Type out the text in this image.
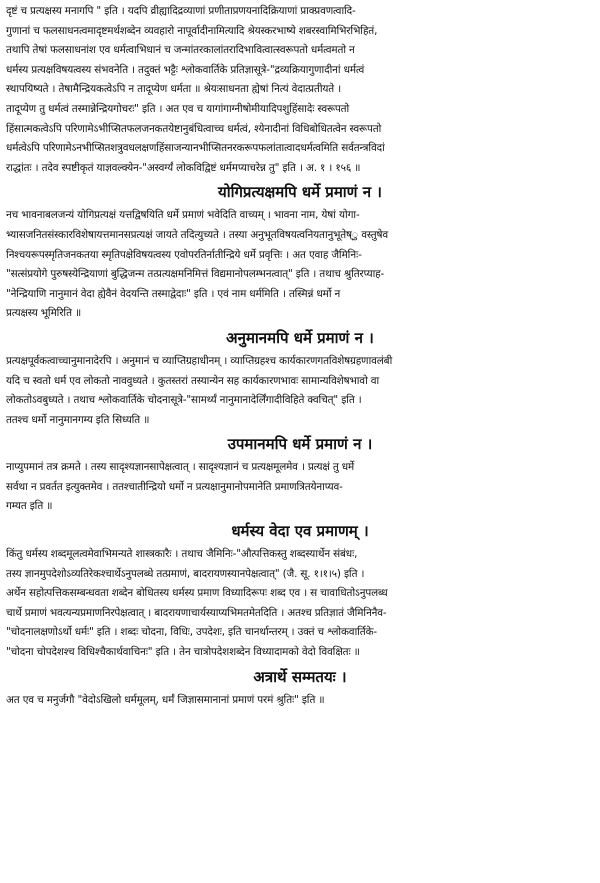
दृष्टं च प्रत्यक्षस्य मनागपि " इति । यदपि व्रीह्यादिद्रव्याणां प्रणीताप्रणयनादिक्रियाणां प्राक्प्रवणत्वादि-
गुणानां च फलसाधनत्वमादृष्टमर्थशब्देन व्यवहारो नापूर्वादीनामित्यादि श्रेयस्करभाष्ये शबरस्वामिभिरभिहितं,
तथापि तेषां फलसाधनांश एव धर्मत्वाभिधानं च जन्मांतरकालांतरादिभावित्वात्स्वरूपतो धर्मत्वमतो न
धर्मस्य प्रत्यक्षविषयत्वस्य संभवनेति । तदुक्तं भट्टैः श्लोकवार्तिके प्रतिज्ञासूत्रे-"द्रव्यक्रियागुणादीनां धर्मत्वं
स्थापयिष्यते । तेषामैन्द्रियकत्वेऽपि न तादूप्येण धर्मता ॥ श्रेयःसाधनता ह्येषां नित्यं वेदात्प्रतीयते ।
तादूप्येण तु धर्मत्वं तस्मान्नेन्द्रियगोचरः" इति । अत एव च यागांगाग्नीषोमीयादिपशुहिंसादेः स्वरूपतो
हिंसात्मकत्वेऽपि परिणामेऽभीप्सितफलजनकतयेष्टानुबंधित्वाच्च धर्मत्वं, श्येनादीनां विधिबोधितत्वेन स्वरूपतो
धर्मत्वेऽपि परिणामेऽनभीप्सितशत्रुवधलक्षणहिंसाजन्यानभीप्सितनरकरूपफलांतात्वादधर्मत्वमिति सर्वतन्त्रविदां
राद्धांतः । तदेव स्पष्टीकृतं याज्ञवल्क्येन-"अस्वर्ग्यं लोकविद्विष्टं धर्ममप्याचरेन्न तु" इति । अ. १ । १५६ ॥
योगिप्रत्यक्षमपि धर्मे प्रमाणं न ।
नच भावनाबलजन्यं योगिप्रत्यक्षं यत्तद्विषयिति धर्मे प्रमाणं भवेदिति वाच्यम् । भावना नाम, येषां योगा-
भ्यासजनितसंस्कारविशेषायत्तमानसप्रत्यक्षं जायते तदित्युच्यते । तस्या अनुभूतविषयत्वनियतानुभूतेष्ु वस्तुषेव
निश्चयरूपस्मृतिजनकतया स्मृतिपक्षेविषयत्वस्य एवोपरतिर्नातीन्द्रिये धर्मे प्रवृत्तिः । अत एवाह जैमिनिः-
"सत्संप्रयोगे पुरुषस्येन्द्रियाणां बुद्धिजन्म तत्प्रत्यक्षमनिमित्तं विद्यमानोपलम्भनत्वात्" इति । तथाच श्रुतिरप्याह-
"नेन्द्रियाणि नानुमानं वेदा ह्येवैनं वेदयन्ति तस्माद्वेदाः" इति । एवं नाम धर्ममिति । तस्मिन्नं धर्मो न
प्रत्यक्षस्य भूमिरिति ॥
अनुमानमपि धर्मे प्रमाणं न ।
प्रत्यक्षपूर्वकत्वाच्चानुमानादेरपि । अनुमानं च व्याप्तिग्रहाधीनम् । व्याप्तिग्रहश्च कार्यकारणगतविशेषग्रहणावलंबी
यदि च स्वतो धर्म एव लोकतो नाववुध्यते । कुतस्तरां तस्यान्येन सह कार्यकारणभावः सामान्यविशेषभावो वा
लोकतोऽवबुध्यते । तथाच श्लोकवार्तिके चोदनासूत्रे-"सामर्थ्यं नानुमानादेर्लिंगादीविहिते क्वचित्" इति ।
ततश्च धर्मो नानुमानगम्य इति सिध्यति ॥
उपमानमपि धर्मे प्रमाणं न ।
नाप्युपमानं तत्र क्रमते । तस्य सादृश्यज्ञानसापेक्षत्वात् । सादृश्यज्ञानं च प्रत्यक्षमूलमेव । प्रत्यक्षं तु धर्मे
सर्वथा न प्रवर्तत इत्युक्तमेव । ततश्चातीन्द्रियो धर्मो न प्रत्यक्षानुमानोपमानेति प्रमाणत्रितयेनाप्यव-
गम्यत इति ॥
धर्मस्य वेदा एव प्रमाणम् ।
किंतु धर्मस्य शब्दमूलत्वमेवाभिमन्यते शास्त्रकारैः । तथाच जैमिनिः-"औत्पत्तिकस्तु शब्दस्यार्थेन संबंधः,
तस्य ज्ञानमुपदेशोऽव्यतिरेकश्चार्थेऽनुपलब्धे तत्प्रमाणं, बादरायणस्यानपेक्षत्वात्" (जै. सू. १।१।५) इति ।
अर्थेन सहोत्पत्तिकसम्बन्धवता शब्देन बोधितस्य धर्मस्य प्रमाण विध्यादिरूपः शब्द एव । स चावाधितोऽनुपलब्ध
चार्थे प्रमाणं भवत्यन्यप्रमाणनिरपेक्षत्वात् । बादरायणाचार्यस्याप्यभिमतमेतदिति । अतश्च प्रतिज्ञातं जैमिनिनैव-
"चोदनालक्षणोऽर्थो धर्मः" इति । शब्दः चोदना, विधिः, उपदेशः, इति चानर्थान्तरम् । उक्तं च श्लोकवार्तिके-
"चोदना चोपदेशश्च विधिश्चैकार्थवाचिनः" इति । तेन चात्रोपदेशशब्देन विध्यादामको वेदो विवक्षितः ॥
अत्रार्थे सम्मतयः ।
अत एव च मनुर्जगौ "वेदोऽखिलो धर्ममूलम्, धर्मं जिज्ञासमानानां प्रमाणं परमं श्रुतिः" इति ॥
